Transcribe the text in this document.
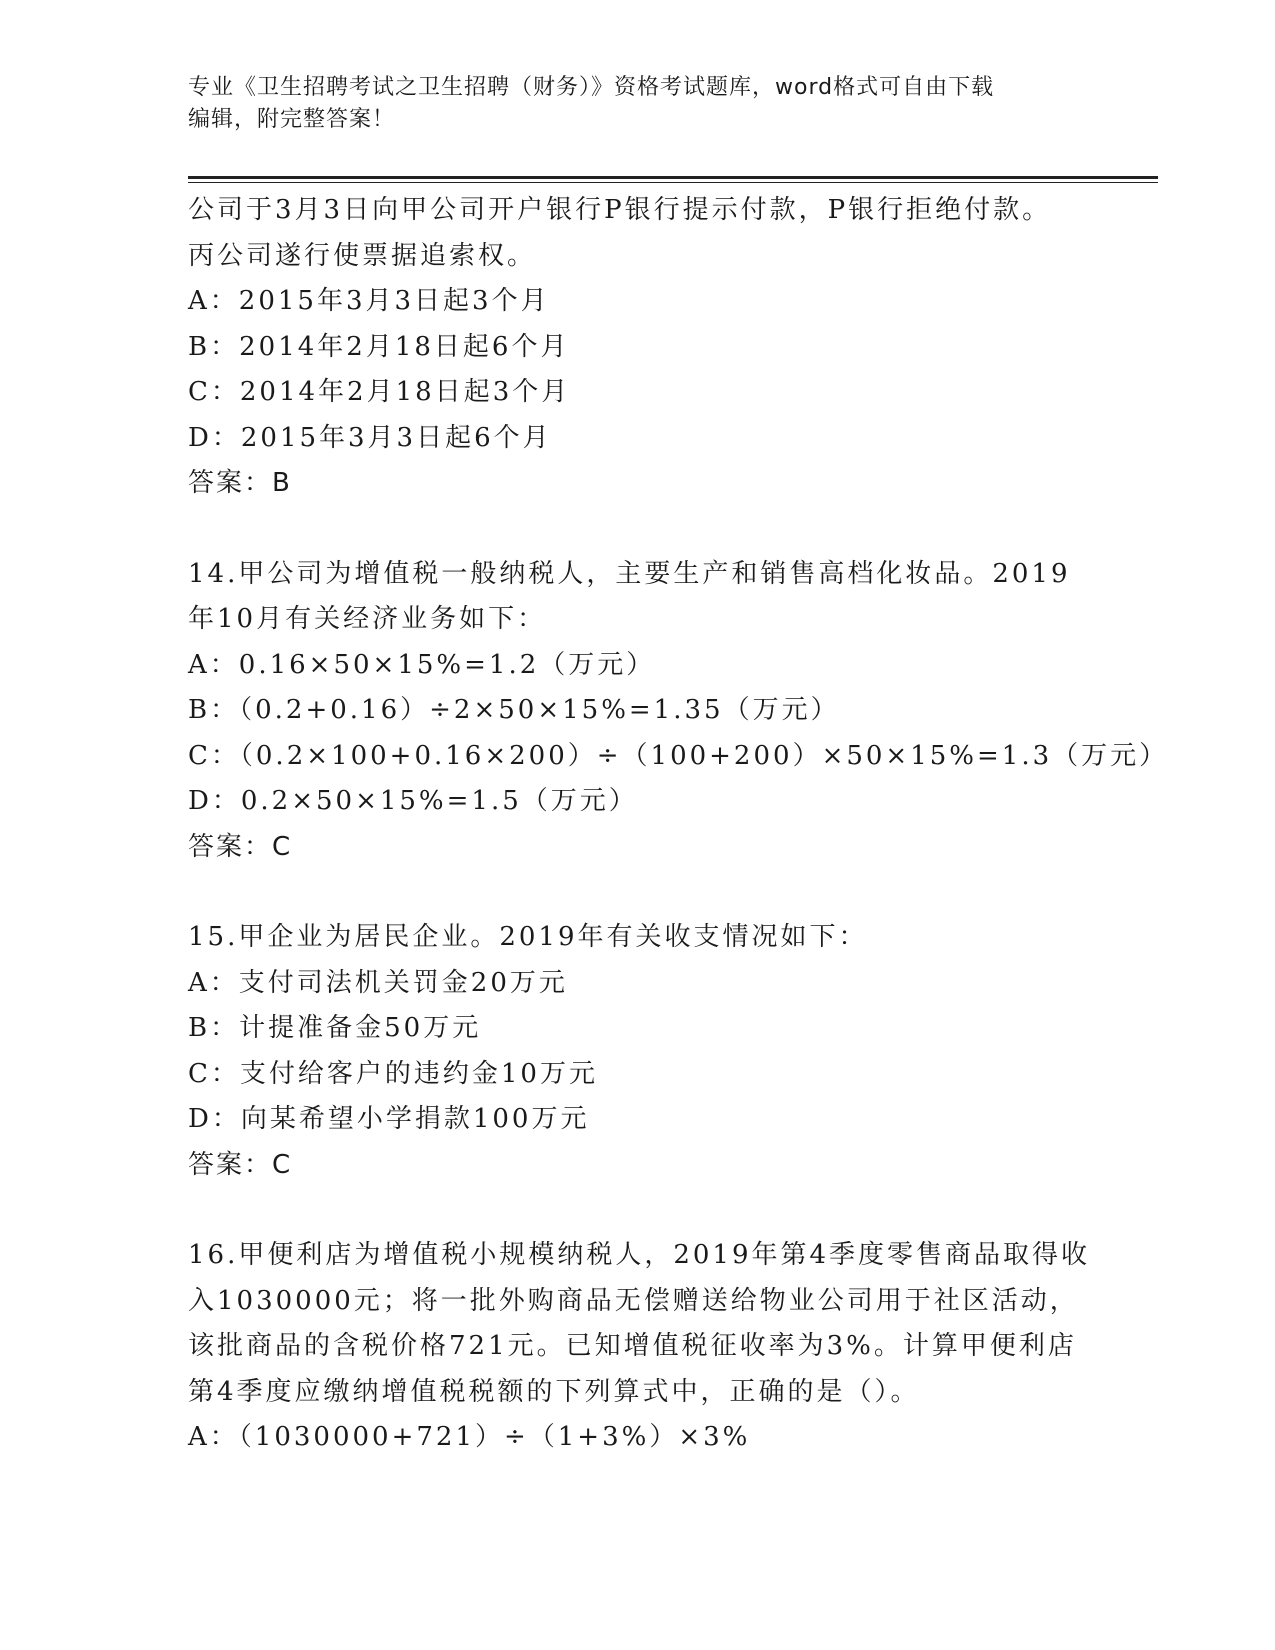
专业《卫生招聘考试之卫生招聘（财务）》资格考试题库，word格式可自由下载
编辑，附完整答案！
公司于3月3日向甲公司开户银行P银行提示付款，P银行拒绝付款。
丙公司遂行使票据追索权。
A：2015年3月3日起3个月
B：2014年2月18日起6个月
C：2014年2月18日起3个月
D：2015年3月3日起6个月
答案：B
14.甲公司为增值税一般纳税人，主要生产和销售高档化妆品。2019
年10月有关经济业务如下：
A：0.16×50×15%=1.2（万元）
B：（0.2+0.16）÷2×50×15%=1.35（万元）
C：（0.2×100+0.16×200）÷（100+200）×50×15%=1.3（万元）
D：0.2×50×15%=1.5（万元）
答案：C
15.甲企业为居民企业。2019年有关收支情况如下：
A：支付司法机关罚金20万元
B：计提准备金50万元
C：支付给客户的违约金10万元
D：向某希望小学捐款100万元
答案：C
16.甲便利店为增值税小规模纳税人，2019年第4季度零售商品取得收
入1030000元；将一批外购商品无偿赠送给物业公司用于社区活动，
该批商品的含税价格721元。已知增值税征收率为3%。计算甲便利店
第4季度应缴纳增值税税额的下列算式中，正确的是（）。
A：（1030000+721）÷（1+3%）×3%
